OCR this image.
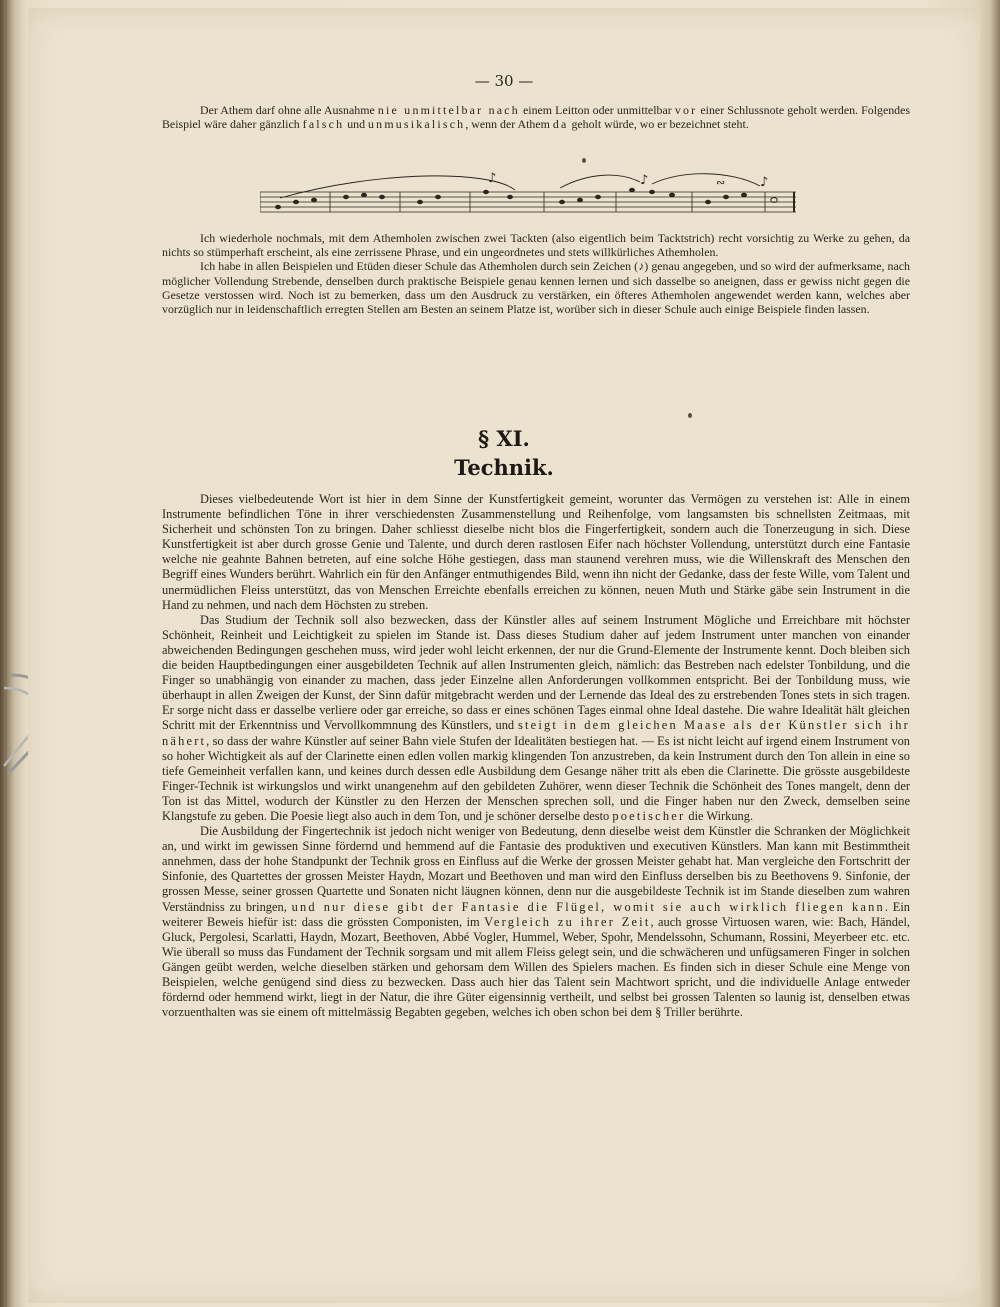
— 30 —

Der Athem darf ohne alle Ausnahme nie unmittelbar nach einem Leitton oder unmittelbar vor einer Schlussnote geholt werden. Folgendes Beispiel wäre daher gänzlich falsch und unmusikalisch, wenn der Athem da geholt würde, wo er bezeichnet steht.

♪	♪	♪
∾

Ich wiederhole nochmals, mit dem Athemholen zwischen zwei Tackten (also eigentlich beim Tacktstrich) recht vorsichtig zu Werke zu gehen, da nichts so stümperhaft erscheint, als eine zerrissene Phrase, und ein ungeordnetes und stets willkürliches Athemholen.

Ich habe in allen Beispielen und Etüden dieser Schule das Athemholen durch sein Zeichen (♪) genau angegeben, und so wird der aufmerksame, nach möglicher Vollendung Strebende, denselben durch praktische Beispiele genau kennen lernen und sich dasselbe so aneignen, dass er gewiss nicht gegen die Gesetze verstossen wird. Noch ist zu bemerken, dass um den Ausdruck zu verstärken, ein öfteres Athemholen angewendet werden kann, welches aber vorzüglich nur in leidenschaftlich erregten Stellen am Besten an seinem Platze ist, worüber sich in dieser Schule auch einige Beispiele finden lassen.

§ XI.
Technik.

Dieses vielbedeutende Wort ist hier in dem Sinne der Kunstfertigkeit gemeint, worunter das Vermögen zu verstehen ist: Alle in einem Instrumente befindlichen Töne in ihrer verschiedensten Zusammenstellung und Reihenfolge, vom langsamsten bis schnellsten Zeitmaas, mit Sicherheit und schönsten Ton zu bringen. Daher schliesst dieselbe nicht blos die Fingerfertigkeit, sondern auch die Tonerzeugung in sich. Diese Kunstfertigkeit ist aber durch grosse Genie und Talente, und durch deren rastlosen Eifer nach höchster Vollendung, unterstützt durch eine Fantasie welche nie geahnte Bahnen betreten, auf eine solche Höhe gestiegen, dass man staunend verehren muss, wie die Willenskraft des Menschen den Begriff eines Wunders berührt. Wahrlich ein für den Anfänger entmuthigendes Bild, wenn ihn nicht der Gedanke, dass der feste Wille, vom Talent und unermüdlichen Fleiss unterstützt, das von Menschen Erreichte ebenfalls erreichen zu können, neuen Muth und Stärke gäbe sein Instrument in die Hand zu nehmen, und nach dem Höchsten zu streben.

Das Studium der Technik soll also bezwecken, dass der Künstler alles auf seinem Instrument Mögliche und Erreichbare mit höchster Schönheit, Reinheit und Leichtigkeit zu spielen im Stande ist. Dass dieses Studium daher auf jedem Instrument unter manchen von einander abweichenden Bedingungen geschehen muss, wird jeder wohl leicht erkennen, der nur die Grund-Elemente der Instrumente kennt. Doch bleiben sich die beiden Hauptbedingungen einer ausgebildeten Technik auf allen Instrumenten gleich, nämlich: das Bestreben nach edelster Tonbildung, und die Finger so unabhängig von einander zu machen, dass jeder Einzelne allen Anforderungen vollkommen entspricht. Bei der Tonbildung muss, wie überhaupt in allen Zweigen der Kunst, der Sinn dafür mitgebracht werden und der Lernende das Ideal des zu erstrebenden Tones stets in sich tragen. Er sorge nicht dass er dasselbe verliere oder gar erreiche, so dass er eines schönen Tages einmal ohne Ideal dastehe. Die wahre Idealität hält gleichen Schritt mit der Erkenntniss und Vervollkommnung des Künstlers, und steigt in dem gleichen Maase als der Künstler sich ihr nähert, so dass der wahre Künstler auf seiner Bahn viele Stufen der Idealitäten bestiegen hat. — Es ist nicht leicht auf irgend einem Instrument von so hoher Wichtigkeit als auf der Clarinette einen edlen vollen markig klingenden Ton anzustreben, da kein Instrument durch den Ton allein in eine so tiefe Gemeinheit verfallen kann, und keines durch dessen edle Ausbildung dem Gesange näher tritt als eben die Clarinette. Die grösste ausgebildeste Finger-Technik ist wirkungslos und wirkt unangenehm auf den gebildeten Zuhörer, wenn dieser Technik die Schönheit des Tones mangelt, denn der Ton ist das Mittel, wodurch der Künstler zu den Herzen der Menschen sprechen soll, und die Finger haben nur den Zweck, demselben seine Klangstufe zu geben. Die Poesie liegt also auch in dem Ton, und je schöner derselbe desto poetischer die Wirkung.

Die Ausbildung der Fingertechnik ist jedoch nicht weniger von Bedeutung, denn dieselbe weist dem Künstler die Schranken der Möglichkeit an, und wirkt im gewissen Sinne fördernd und hemmend auf die Fantasie des produktiven und executiven Künstlers. Man kann mit Bestimmtheit annehmen, dass der hohe Standpunkt der Technik gross en Einfluss auf die Werke der grossen Meister gehabt hat. Man vergleiche den Fortschritt der Sinfonie, des Quartettes der grossen Meister Haydn, Mozart und Beethoven und man wird den Einfluss derselben bis zu Beethovens 9. Sinfonie, der grossen Messe, seiner grossen Quartette und Sonaten nicht läugnen können, denn nur die ausgebildeste Technik ist im Stande dieselben zum wahren Verständniss zu bringen, und nur diese gibt der Fantasie die Flügel, womit sie auch wirklich fliegen kann. Ein weiterer Beweis hiefür ist: dass die grössten Componisten, im Vergleich zu ihrer Zeit, auch grosse Virtuosen waren, wie: Bach, Händel, Gluck, Pergolesi, Scarlatti, Haydn, Mozart, Beethoven, Abbé Vogler, Hummel, Weber, Spohr, Mendelssohn, Schumann, Rossini, Meyerbeer etc. etc. Wie überall so muss das Fundament der Technik sorgsam und mit allem Fleiss gelegt sein, und die schwächeren und unfügsameren Finger in solchen Gängen geübt werden, welche dieselben stärken und gehorsam dem Willen des Spielers machen. Es finden sich in dieser Schule eine Menge von Beispielen, welche genügend sind diess zu bezwecken. Dass auch hier das Talent sein Machtwort spricht, und die individuelle Anlage entweder fördernd oder hemmend wirkt, liegt in der Natur, die ihre Güter eigensinnig vertheilt, und selbst bei grossen Talenten so launig ist, denselben etwas vorzuenthalten was sie einem oft mittelmässig Begabten gegeben, welches ich oben schon bei dem § Triller berührte.
